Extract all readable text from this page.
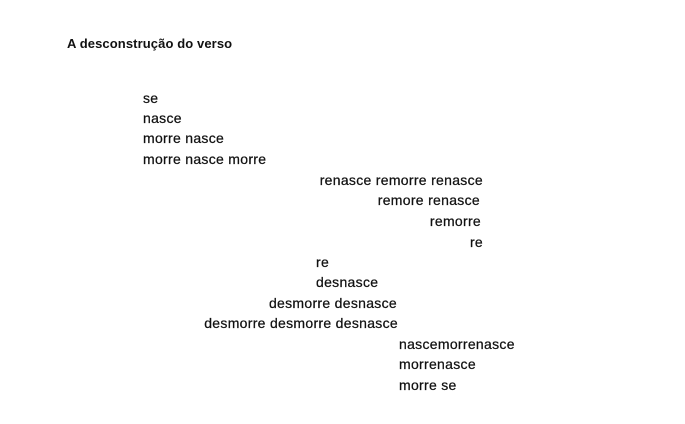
A desconstrução do verso
se
nasce
morre nasce
morre nasce morre
renasce remorre renasce
remore renasce
remorre
re
re
desnasce
desmorre desnasce
desmorre desmorre desnasce
nascemorrenasce
morrenasce
morre se
